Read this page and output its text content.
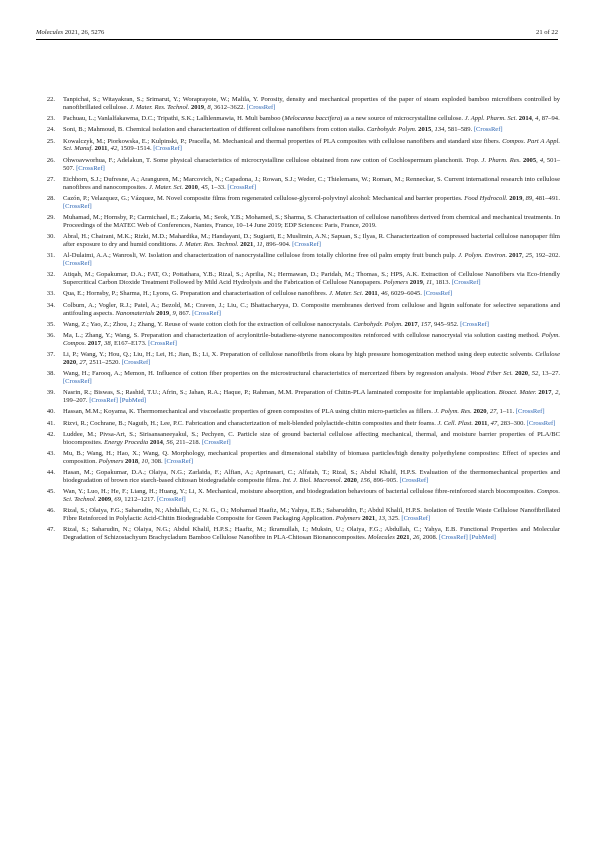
Molecules 2021, 26, 5276	21 of 22
22.	Tanpichai, S.; Witayakran, S.; Srimarut, Y.; Woraprayote, W.; Malila, Y. Porosity, density and mechanical properties of the paper of steam exploded bamboo microfibers controlled by nanofibrillated cellulose. J. Mater. Res. Technol. 2019, 8, 3612–3622. [CrossRef]
23.	Pachuau, L.; Vanlalfakawma, D.C.; Tripathi, S.K.; Lalhlenmawia, H. Muli bamboo (Melocanna baccifera) as a new source of microcrystalline cellulose. J. Appl. Pharm. Sci. 2014, 4, 87–94.
24.	Soni, B.; Mahmoud, B. Chemical isolation and characterization of different cellulose nanofibers from cotton stalks. Carbohydr. Polym. 2015, 134, 581–589. [CrossRef]
25.	Kowalczyk, M.; Piorkowska, E.; Kulpinski, P.; Pracella, M. Mechanical and thermal properties of PLA composites with cellulose nanofibers and standard size fibers. Compos. Part A Appl. Sci. Manuf. 2011, 42, 1509–1514. [CrossRef]
26.	Ohwoavworhua, F.; Adelakun, T. Some physical characteristics of microcrystalline cellulose obtained from raw cotton of Cochlospermum planchonii. Trop. J. Pharm. Res. 2005, 4, 501–507. [CrossRef]
27.	Eichhorn, S.J.; Dufresne, A.; Aranguren, M.; Marcovich, N.; Capadona, J.; Rowan, S.J.; Weder, C.; Thielemans, W.; Roman, M.; Renneckar, S. Current international research into cellulose nanofibres and nanocomposites. J. Mater. Sci. 2010, 45, 1–33. [CrossRef]
28.	Cazón, P.; Velazquez, G.; Vázquez, M. Novel composite films from regenerated cellulose-glycerol-polyvinyl alcohol: Mechanical and barrier properties. Food Hydrocoll. 2019, 89, 481–491. [CrossRef]
29.	Muhamad, M.; Hornsby, P.; Carmichael, E.; Zakaria, M.; Seok, Y.B.; Mohamed, S.; Sharma, S. Characterisation of cellulose nanofibres derived from chemical and mechanical treatments. In Proceedings of the MATEC Web of Conferences, Nantes, France, 10–14 June 2019; EDP Sciences: Paris, France, 2019.
30.	Abral, H.; Chairani, M.K.; Rizki, M.D.; Mahardika, M.; Handayani, D.; Sugiarti, E.; Muslimin, A.N.; Sapuan, S.; Ilyas, R. Characterization of compressed bacterial cellulose nanopaper film after exposure to dry and humid conditions. J. Mater. Res. Technol. 2021, 11, 896–904. [CrossRef]
31.	Al-Dulaimi, A.A.; Wanrosli, W. Isolation and characterization of nanocrystalline cellulose from totally chlorine free oil palm empty fruit bunch pulp. J. Polym. Environ. 2017, 25, 192–202. [CrossRef]
32.	Atiqah, M.; Gopakumar, D.A.; FAT, O.; Pottathara, Y.B.; Rizal, S.; Aprilia, N.; Hermawan, D.; Paridah, M.; Thomas, S.; HPS, A.K. Extraction of Cellulose Nanofibers via Eco-friendly Supercritical Carbon Dioxide Treatment Followed by Mild Acid Hydrolysis and the Fabrication of Cellulose Nanopapers. Polymers 2019, 11, 1813. [CrossRef]
33.	Qua, E.; Hornsby, P.; Sharma, H.; Lyons, G. Preparation and characterisation of cellulose nanofibres. J. Mater. Sci. 2011, 46, 6029–6045. [CrossRef]
34.	Colburn, A.; Vogler, R.J.; Patel, A.; Bezold, M.; Craven, J.; Liu, C.; Bhattacharyya, D. Composite membranes derived from cellulose and lignin sulfonate for selective separations and antifouling aspects. Nanomaterials 2019, 9, 867. [CrossRef]
35.	Wang, Z.; Yao, Z.; Zhou, J.; Zhang, Y. Reuse of waste cotton cloth for the extraction of cellulose nanocrystals. Carbohydr. Polym. 2017, 157, 945–952. [CrossRef]
36.	Ma, L.; Zhang, Y.; Wang, S. Preparation and characterization of acrylonitrile-butadiene-styrene nanocomposites reinforced with cellulose nanocrystal via solution casting method. Polym. Compos. 2017, 38, E167–E173. [CrossRef]
37.	Li, P.; Wang, Y.; Hou, Q.; Liu, H.; Lei, H.; Jian, B.; Li, X. Preparation of cellulose nanofibrils from okara by high pressure homogenization method using deep eutectic solvents. Cellulose 2020, 27, 2511–2520. [CrossRef]
38.	Wang, H.; Farooq, A.; Memon, H. Influence of cotton fiber properties on the microstructural characteristics of mercerized fibers by regression analysis. Wood Fiber Sci. 2020, 52, 13–27. [CrossRef]
39.	Nasrin, R.; Biswas, S.; Rashid, T.U.; Afrin, S.; Jahan, R.A.; Haque, P.; Rahman, M.M. Preparation of Chitin-PLA laminated composite for implantable application. Bioact. Mater. 2017, 2, 199–207. [CrossRef] [PubMed]
40.	Hassan, M.M.; Koyama, K. Thermomechanical and viscoelastic properties of green composites of PLA using chitin micro-particles as fillers. J. Polym. Res. 2020, 27, 1–11. [CrossRef]
41.	Rizvi, R.; Cochrane, B.; Naguib, H.; Lee, P.C. Fabrication and characterization of melt-blended polylactide-chitin composites and their foams. J. Cell. Plast. 2011, 47, 283–300. [CrossRef]
42.	Luddee, M.; Pivsa-Art, S.; Sirisansaneeyakul, S.; Pechyen, C. Particle size of ground bacterial cellulose affecting mechanical, thermal, and moisture barrier properties of PLA/BC biocomposites. Energy Procedia 2014, 56, 211–218. [CrossRef]
43.	Mu, B.; Wang, H.; Hao, X.; Wang, Q. Morphology, mechanical properties and dimensional stability of biomass particles/high density polyethylene composites: Effect of species and composition. Polymers 2018, 10, 308. [CrossRef]
44.	Hasan, M.; Gopakumar, D.A.; Olaiya, N.G.; Zarlaida, F.; Alfian, A.; Aprinasari, C.; Alfatah, T.; Rizal, S.; Abdul Khalil, H.P.S. Evaluation of the thermomechanical properties and biodegradation of brown rice starch-based chitosan biodegradable composite films. Int. J. Biol. Macromol. 2020, 156, 896–905. [CrossRef]
45.	Wan, Y.; Luo, H.; He, F.; Liang, H.; Huang, Y.; Li, X. Mechanical, moisture absorption, and biodegradation behaviours of bacterial cellulose fibre-reinforced starch biocomposites. Compos. Sci. Technol. 2009, 69, 1212–1217. [CrossRef]
46.	Rizal, S.; Olaiya, F.G.; Saharudin, N.; Abdullah, C.; N. G., O.; Mohamad Haafiz, M.; Yahya, E.B.; Sabaruddin, F.; Abdul Khalil, H.P.S. Isolation of Textile Waste Cellulose Nanofibrillated Fibre Reinforced in Polylactic Acid-Chitin Biodegradable Composite for Green Packaging Application. Polymers 2021, 13, 325. [CrossRef]
47.	Rizal, S.; Saharudin, N.; Olaiya, N.G.; Abdul Khalil, H.P.S.; Haafiz, M.; Ikramullah, I.; Muksin, U.; Olaiya, F.G.; Abdullah, C.; Yahya, E.B. Functional Properties and Molecular Degradation of Schizostachyum Brachycladum Bamboo Cellulose Nanofibre in PLA-Chitosan Bionanocomposites. Molecules 2021, 26, 2008. [CrossRef] [PubMed]
